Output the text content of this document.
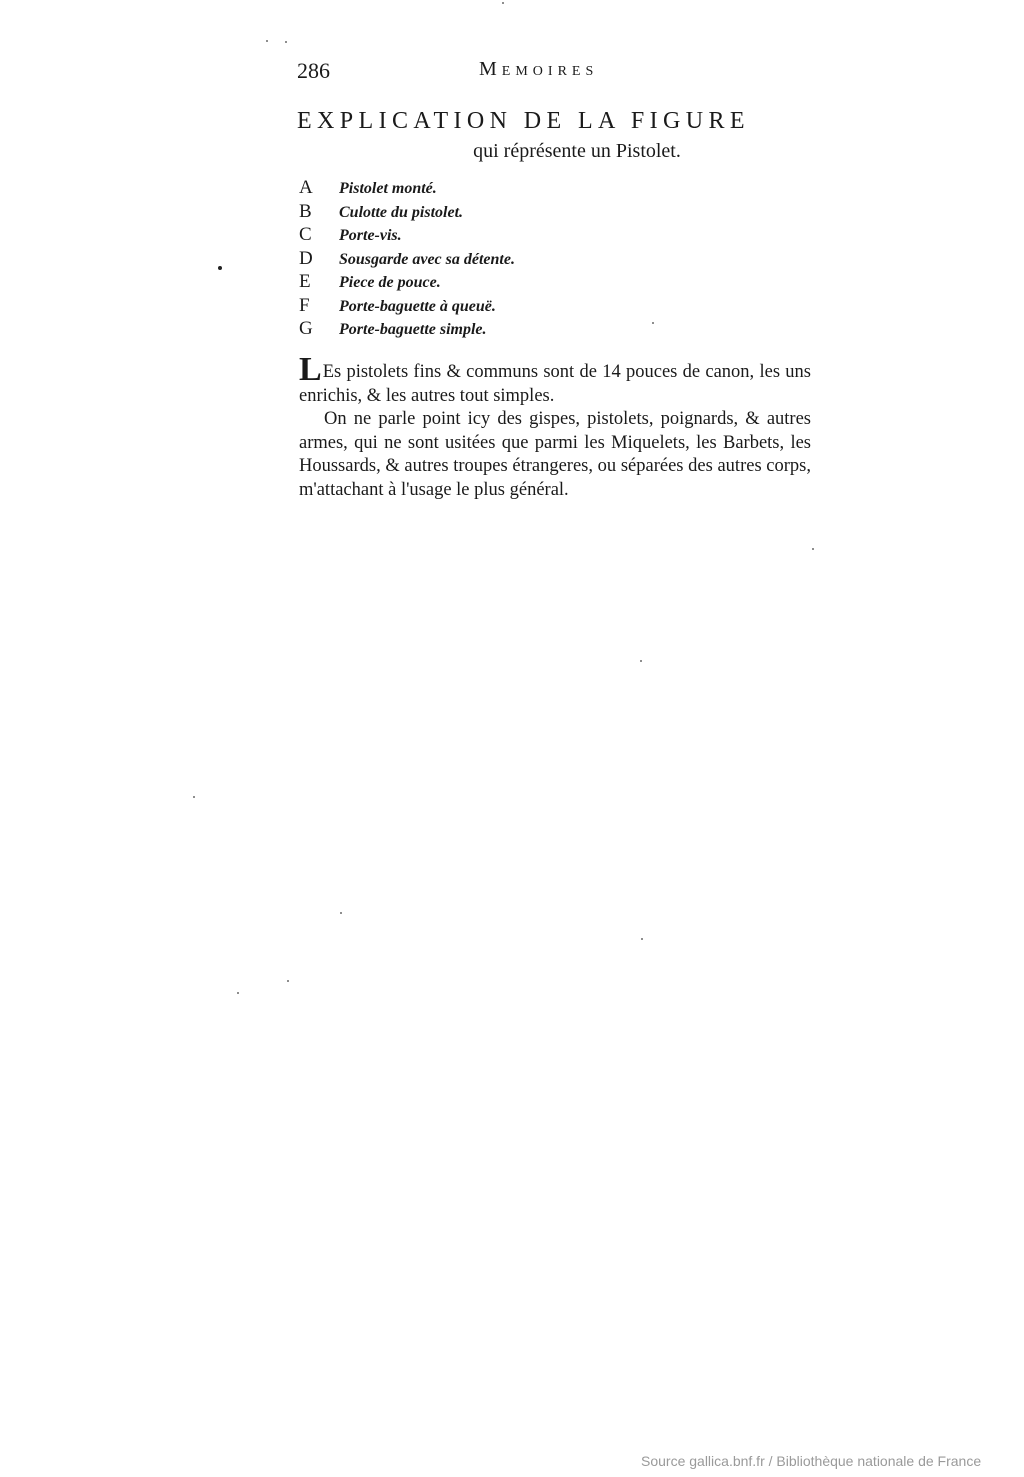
286	memoires
EXPLICATION DE LA FIGURE
qui réprésente un Pistolet.
A Pistolet monté.
B Culotte du pistolet.
C Porte-vis.
D Sousgarde avec sa détente.
E Piece de pouce.
F Porte-baguette à queuë.
G Porte-baguette simple.

LEs pistolets fins & communs sont de 14 pouces de canon, les uns enrichis, & les autres tout simples.

On ne parle point icy des gispes, pistolets, poignards, & autres armes, qui ne sont usitées que parmi les Miquelets, les Barbets, les Houssards, & autres troupes étrangeres, ou séparées des autres corps, m'attachant à l'usage le plus général.

Source gallica.bnf.fr / Bibliothèque nationale de France
